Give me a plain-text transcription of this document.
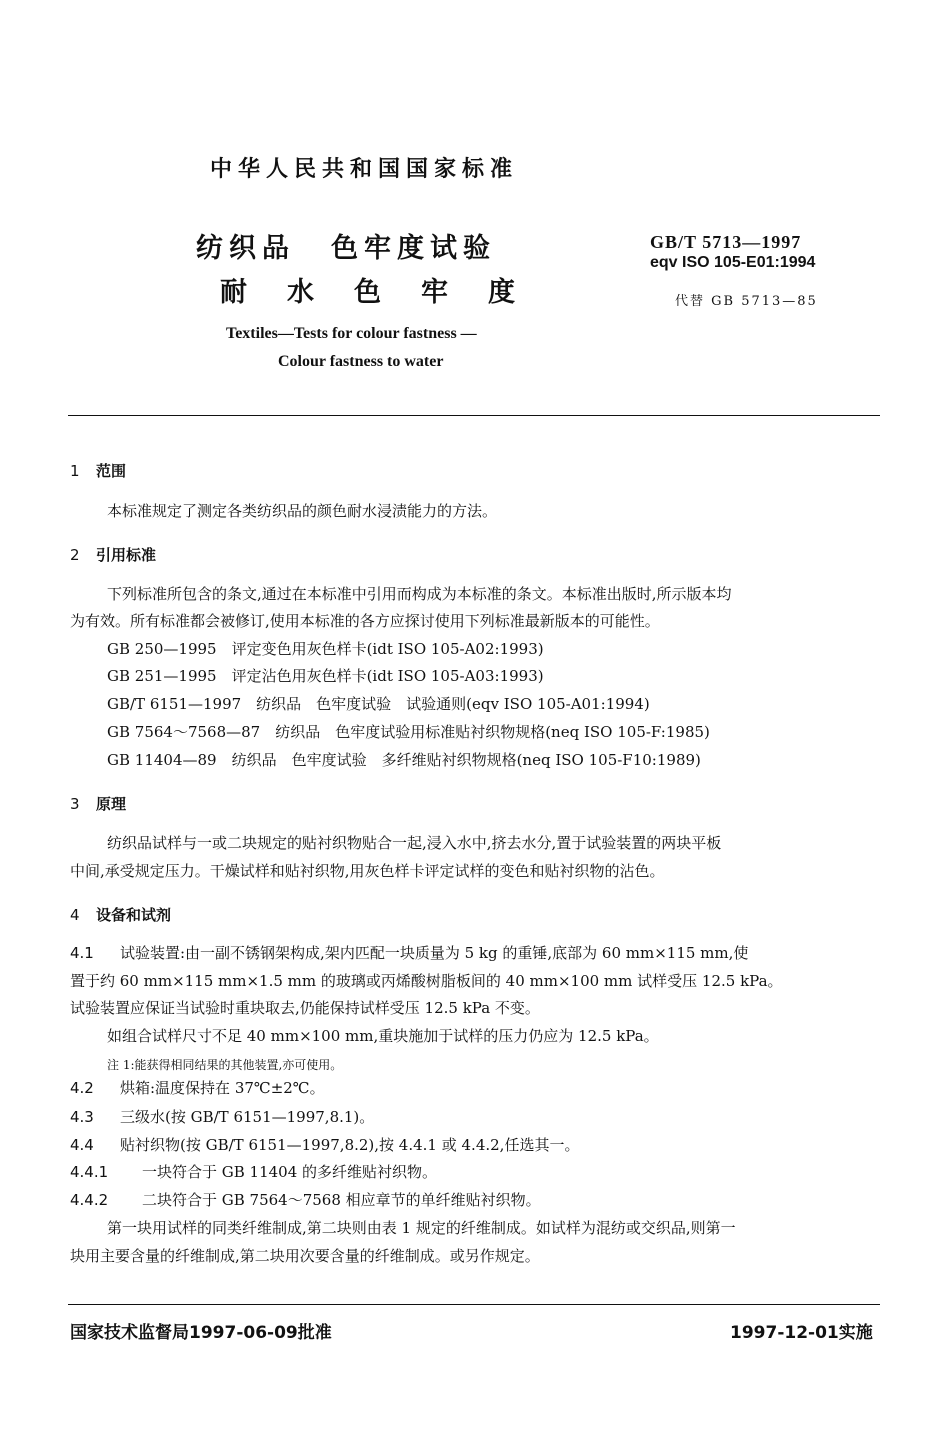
中华人民共和国国家标准
纺织品 色牢度试验
耐水色牢度
GB/T 5713—1997
eqv ISO 105-E01:1994
代替 GB 5713—85
Textiles—Tests for colour fastness —
Colour fastness to water
1 范围
本标准规定了测定各类纺织品的颜色耐水浸渍能力的方法。
2 引用标准
下列标准所包含的条文,通过在本标准中引用而构成为本标准的条文。本标准出版时,所示版本均
为有效。所有标准都会被修订,使用本标准的各方应探讨使用下列标准最新版本的可能性。
GB 250—1995　评定变色用灰色样卡(idt ISO 105-A02:1993)
GB 251—1995　评定沾色用灰色样卡(idt ISO 105-A03:1993)
GB/T 6151—1997　纺织品　色牢度试验　试验通则(eqv ISO 105-A01:1994)
GB 7564～7568—87　纺织品　色牢度试验用标准贴衬织物规格(neq ISO 105-F:1985)
GB 11404—89　纺织品　色牢度试验　多纤维贴衬织物规格(neq ISO 105-F10:1989)
3 原理
纺织品试样与一或二块规定的贴衬织物贴合一起,浸入水中,挤去水分,置于试验装置的两块平板
中间,承受规定压力。干燥试样和贴衬织物,用灰色样卡评定试样的变色和贴衬织物的沾色。
4 设备和试剂
4.1 试验装置:由一副不锈钢架构成,架内匹配一块质量为 5 kg 的重锤,底部为 60 mm×115 mm,使
置于约 60 mm×115 mm×1.5 mm 的玻璃或丙烯酸树脂板间的 40 mm×100 mm 试样受压 12.5 kPa。
试验装置应保证当试验时重块取去,仍能保持试样受压 12.5 kPa 不变。
如组合试样尺寸不足 40 mm×100 mm,重块施加于试样的压力仍应为 12.5 kPa。
注 1:能获得相同结果的其他装置,亦可使用。
4.2 烘箱:温度保持在 37℃±2℃。
4.3 三级水(按 GB/T 6151—1997,8.1)。
4.4 贴衬织物(按 GB/T 6151—1997,8.2),按 4.4.1 或 4.4.2,任选其一。
4.4.1 一块符合于 GB 11404 的多纤维贴衬织物。
4.4.2 二块符合于 GB 7564～7568 相应章节的单纤维贴衬织物。
第一块用试样的同类纤维制成,第二块则由表 1 规定的纤维制成。如试样为混纺或交织品,则第一
块用主要含量的纤维制成,第二块用次要含量的纤维制成。或另作规定。
国家技术监督局1997-06-09批准	1997-12-01实施
